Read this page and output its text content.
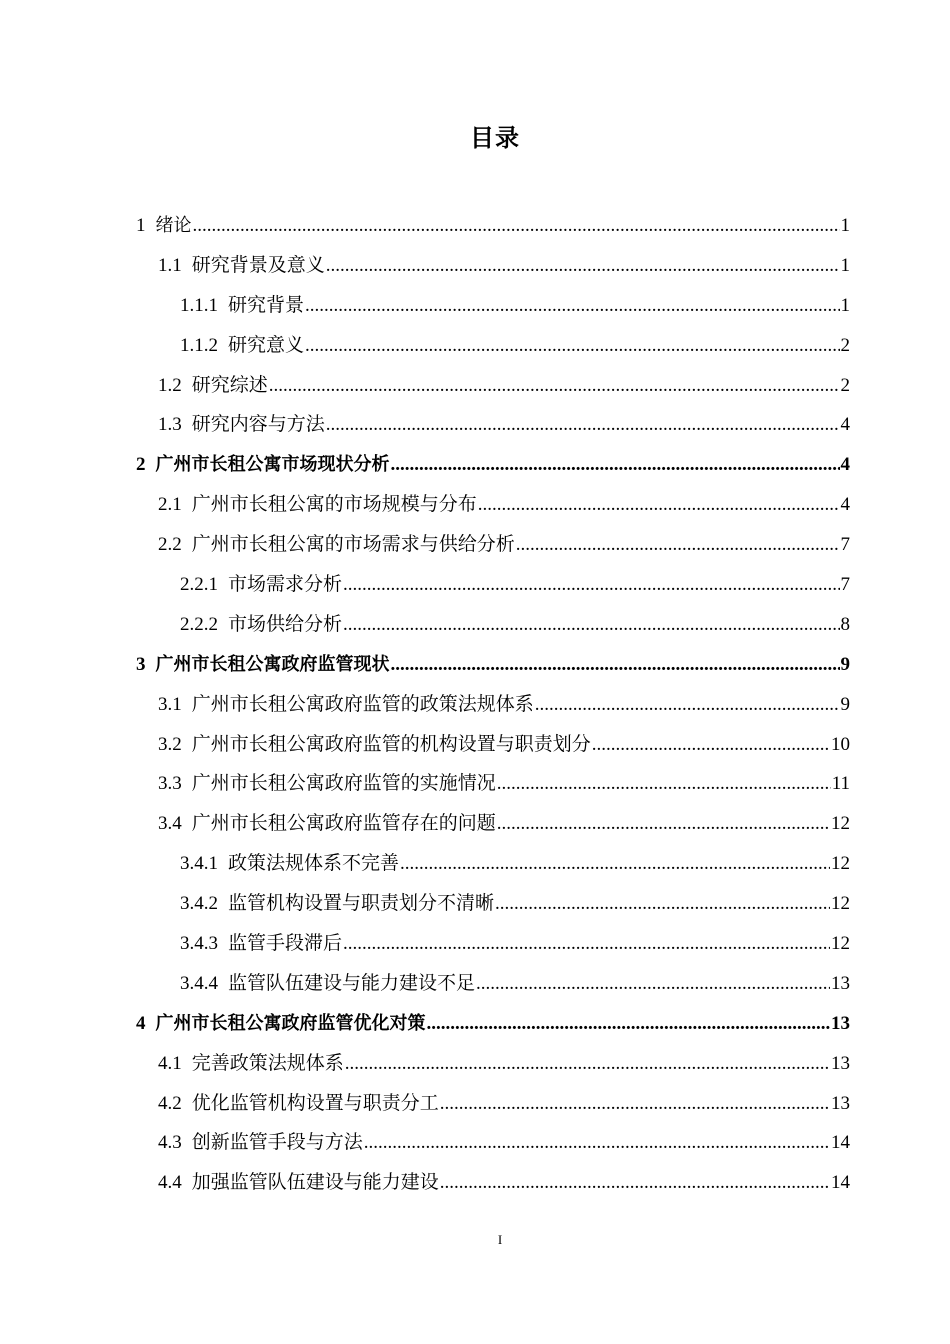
目录
1 绪论 .....	1
1.1 研究背景及意义 .....	1
1.1.1 研究背景 .....	1
1.1.2 研究意义 .....	2
1.2 研究综述 .....	2
1.3 研究内容与方法 .....	4
2 广州市长租公寓市场现状分析 .....	4
2.1 广州市长租公寓的市场规模与分布 .....	4
2.2 广州市长租公寓的市场需求与供给分析 .....	7
2.2.1 市场需求分析 .....	7
2.2.2 市场供给分析 .....	8
3 广州市长租公寓政府监管现状 .....	9
3.1 广州市长租公寓政府监管的政策法规体系 .....	9
3.2 广州市长租公寓政府监管的机构设置与职责划分 .....	10
3.3 广州市长租公寓政府监管的实施情况 .....	11
3.4 广州市长租公寓政府监管存在的问题 .....	12
3.4.1 政策法规体系不完善 .....	12
3.4.2 监管机构设置与职责划分不清晰 .....	12
3.4.3 监管手段滞后 .....	12
3.4.4 监管队伍建设与能力建设不足 .....	13
4 广州市长租公寓政府监管优化对策 .....	13
4.1 完善政策法规体系 .....	13
4.2 优化监管机构设置与职责分工 .....	13
4.3 创新监管手段与方法 .....	14
4.4 加强监管队伍建设与能力建设 .....	14
I
